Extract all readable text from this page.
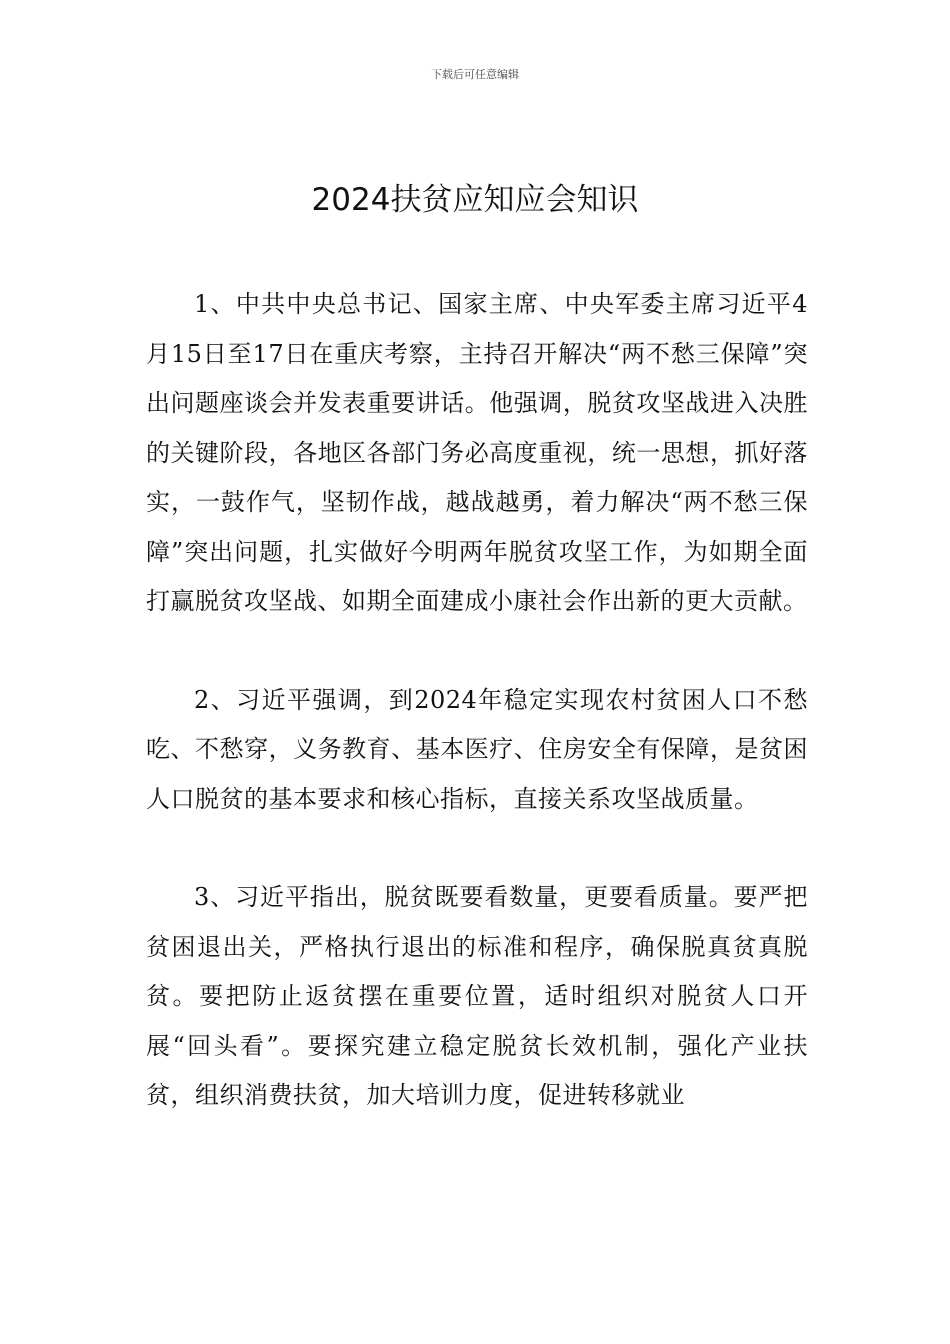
下载后可任意编辑
2024扶贫应知应会知识

1、中共中央总书记、国家主席、中央军委主席习近平4月15日至17日在重庆考察，主持召开解决“两不愁三保障”突出问题座谈会并发表重要讲话。他强调，脱贫攻坚战进入决胜的关键阶段，各地区各部门务必高度重视，统一思想，抓好落实，一鼓作气，坚韧作战，越战越勇，着力解决“两不愁三保障”突出问题，扎实做好今明两年脱贫攻坚工作，为如期全面打赢脱贫攻坚战、如期全面建成小康社会作出新的更大贡献。

2、习近平强调，到2024年稳定实现农村贫困人口不愁吃、不愁穿，义务教育、基本医疗、住房安全有保障，是贫困人口脱贫的基本要求和核心指标，直接关系攻坚战质量。

3、习近平指出，脱贫既要看数量，更要看质量。要严把贫困退出关，严格执行退出的标准和程序，确保脱真贫真脱贫。要把防止返贫摆在重要位置，适时组织对脱贫人口开展“回头看”。要探究建立稳定脱贫长效机制，强化产业扶贫，组织消费扶贫，加大培训力度，促进转移就业
